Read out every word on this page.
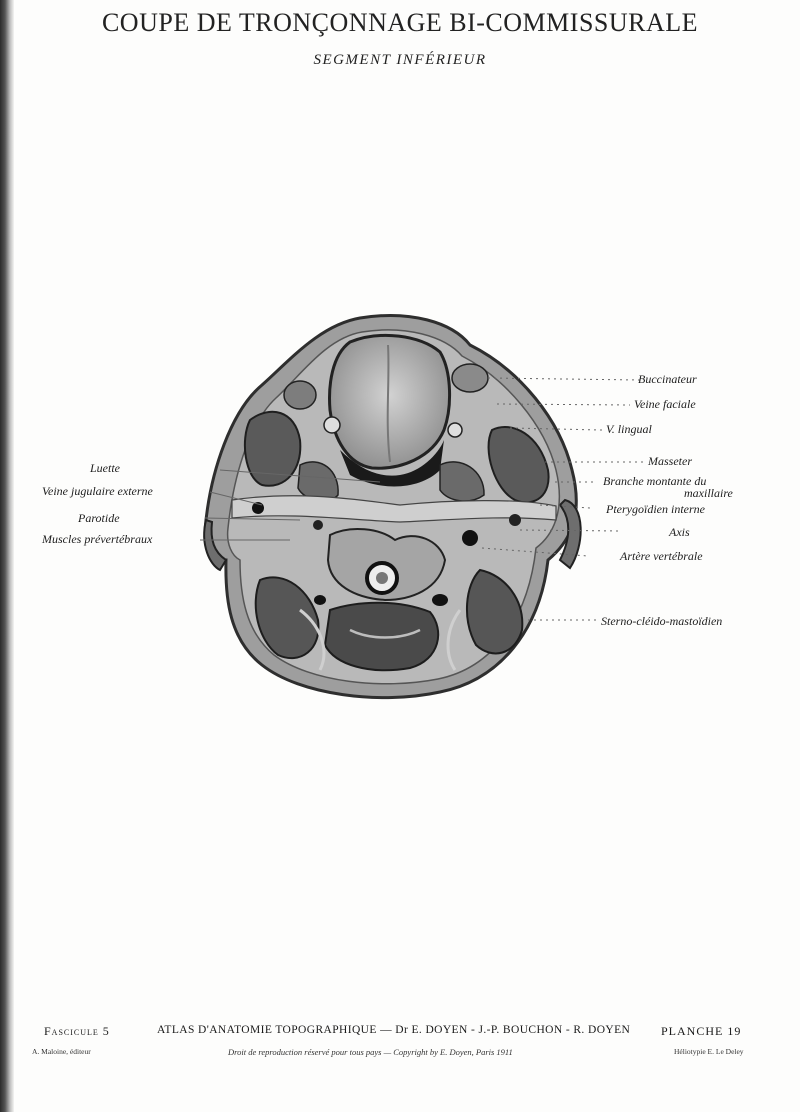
COUPE DE TRONÇONNAGE BI-COMMISSURALE
SEGMENT INFÉRIEUR
Buccinateur
Veine faciale
V. lingual
Masseter
Branche montante du
maxillaire
Pterygoïdien interne
Axis
Artère vertébrale
Sterno-cléido-mastoïdien
Luette
Veine jugulaire externe
Parotide
Muscles prévertébraux
Fascicule 5	ATLAS D'ANATOMIE TOPOGRAPHIQUE — Dr E. DOYEN - J.-P. BOUCHON - R. DOYEN	PLANCHE 19
A. Maloine, éditeur	Droit de reproduction réservé pour tous pays — Copyright by E. Doyen, Paris 1911	Héliotypie E. Le Deley
